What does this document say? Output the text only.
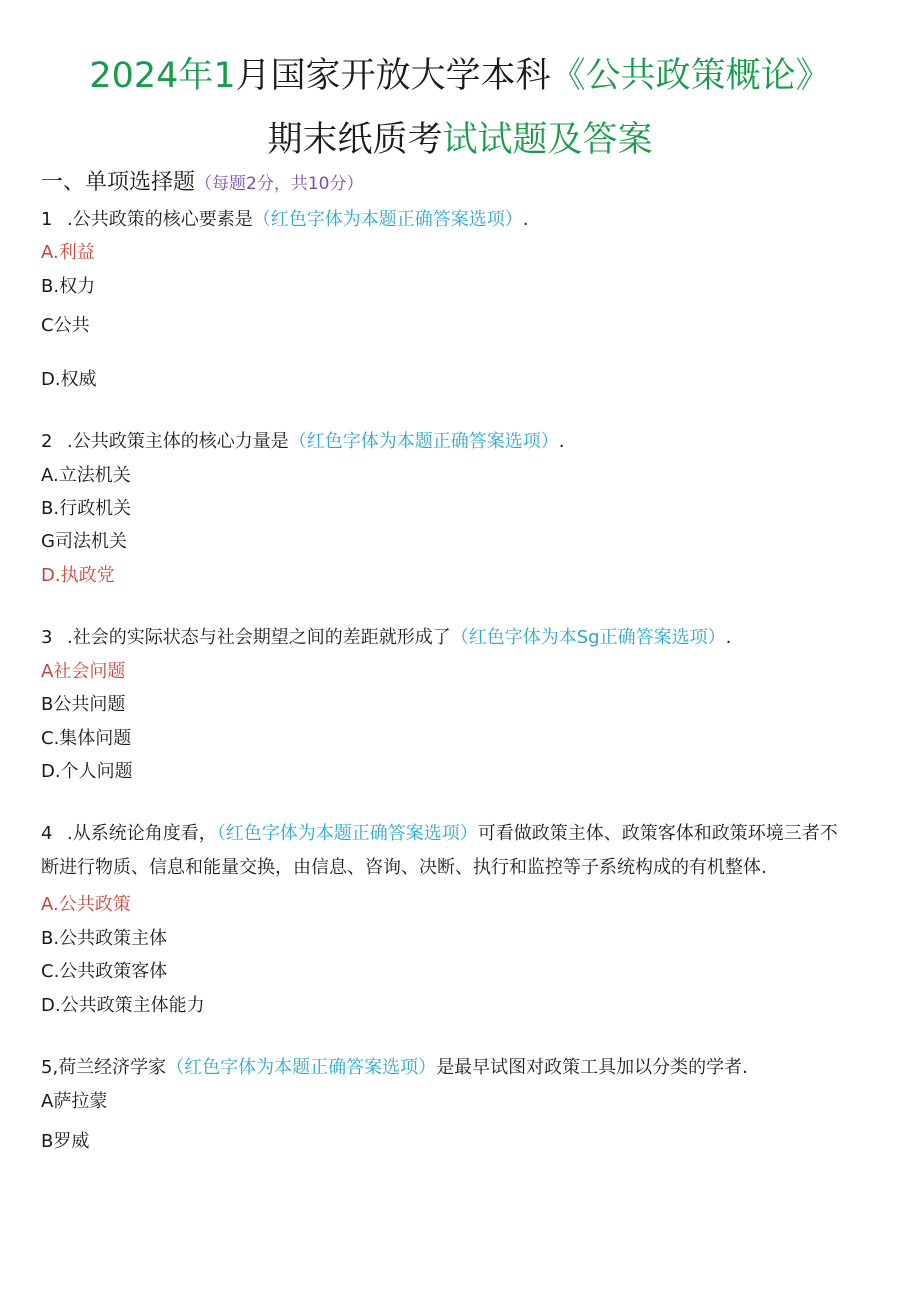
2024年1月国家开放大学本科《公共政策概论》
期末纸质考试试题及答案
一、单项选择题（每题2分，共10分）
1 .公共政策的核心要素是（红色字体为本题正确答案选项）.
A.利益
B.权力
C公共
D.权威
2 .公共政策主体的核心力量是（红色字体为本题正确答案选项）.
A.立法机关
B.行政机关
G司法机关
D.执政党
3 .社会的实际状态与社会期望之间的差距就形成了（红色字体为本Sg正确答案选项）.
A社会问题
B公共问题
C.集体问题
D.个人问题
4 .从系统论角度看，（红色字体为本题正确答案选项）可看做政策主体、政策客体和政策环境三者不
断进行物质、信息和能量交换，由信息、咨询、决断、执行和监控等子系统构成的有机整体.
A.公共政策
B.公共政策主体
C.公共政策客体
D.公共政策主体能力
5,荷兰经济学家（红色字体为本题正确答案选项）是最早试图对政策工具加以分类的学者.
A萨拉蒙
B罗威
